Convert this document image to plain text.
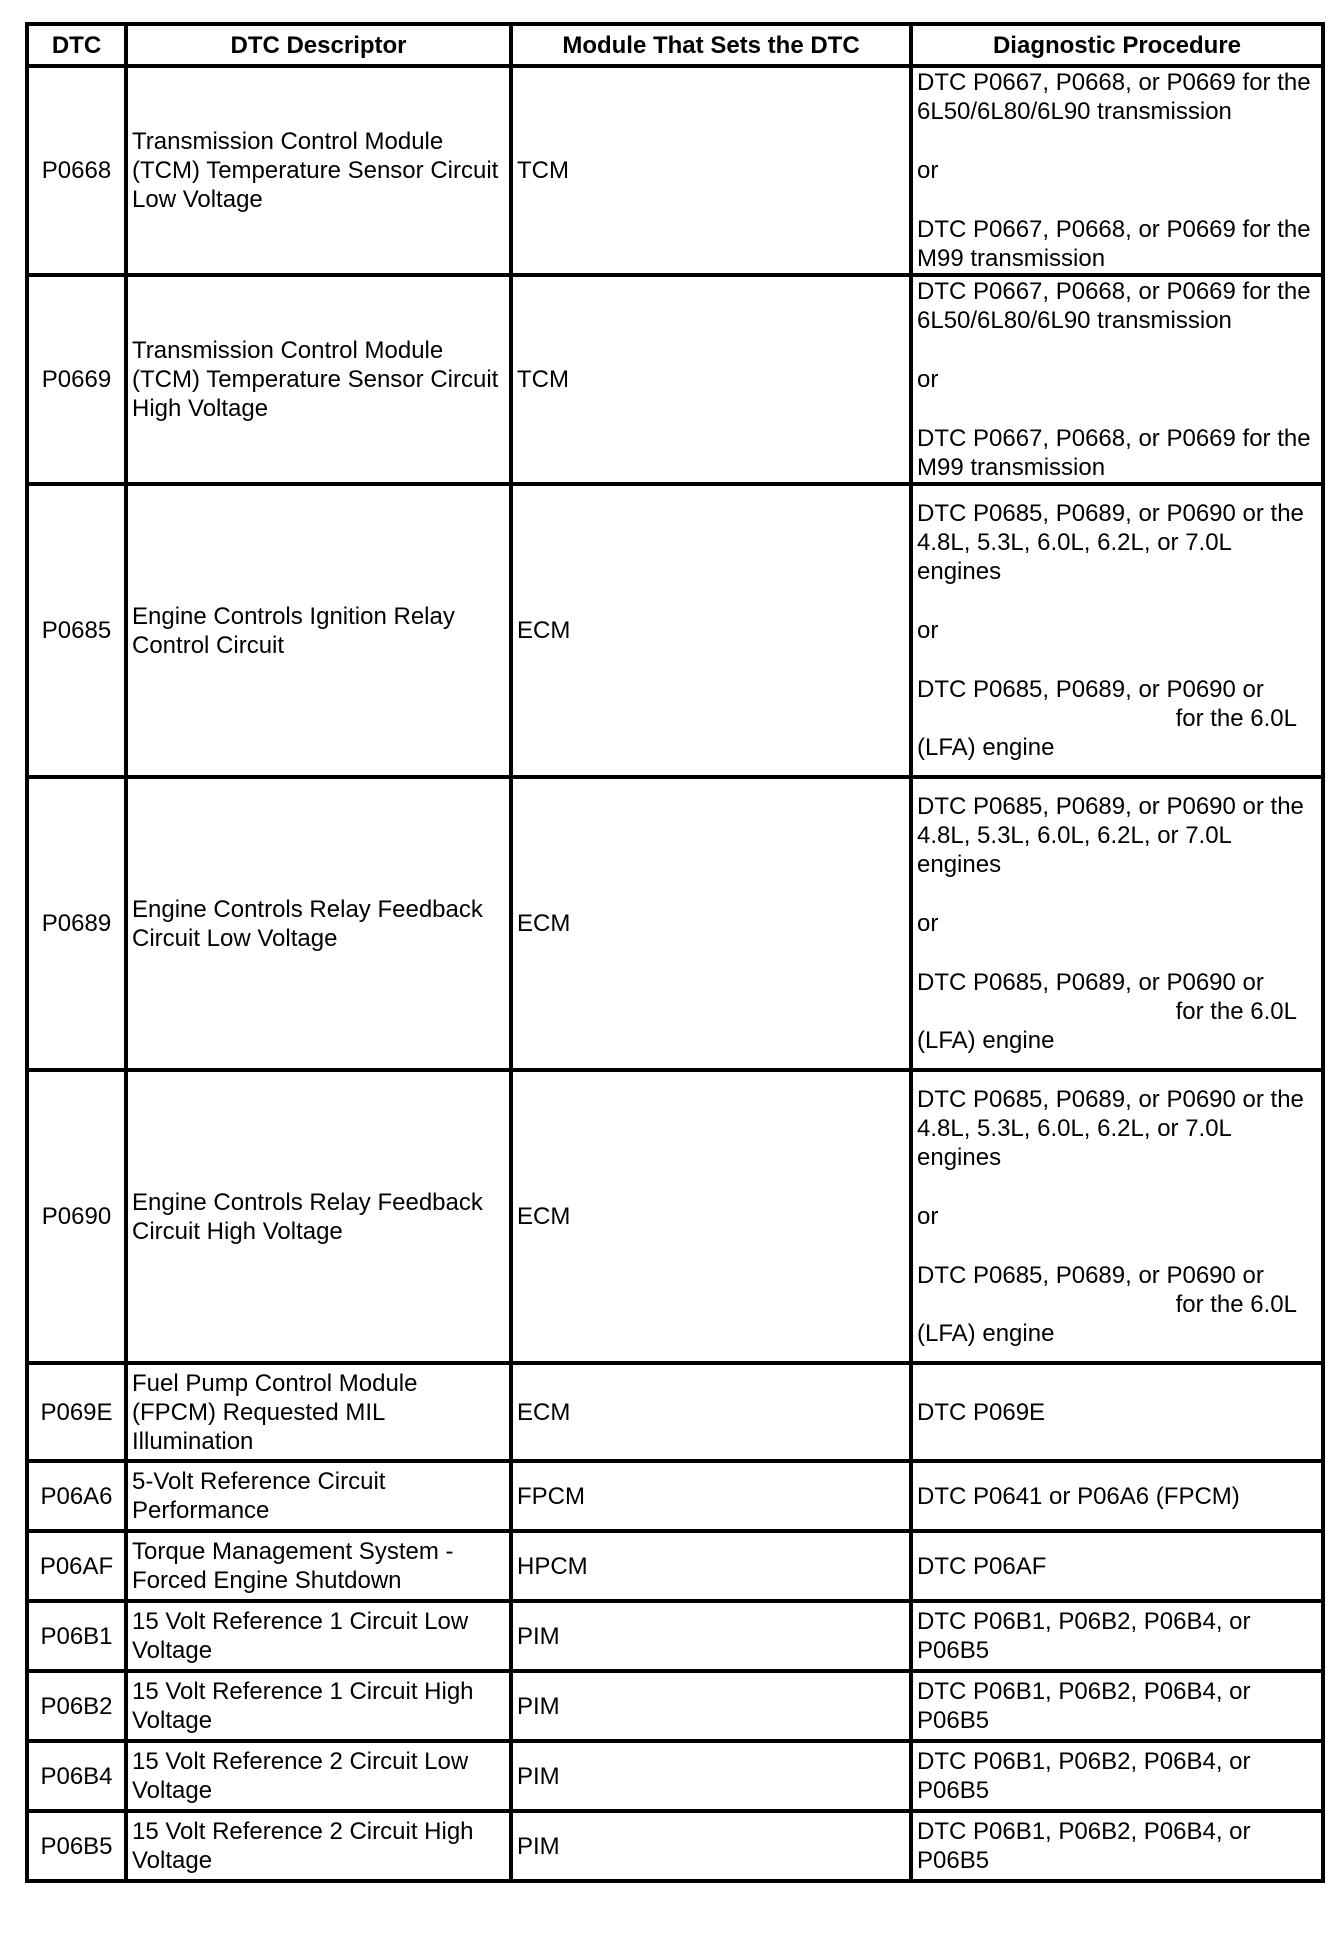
DTC	DTC Descriptor	Module That Sets the DTC	Diagnostic Procedure
P0668	Transmission Control Module (TCM) Temperature Sensor Circuit Low Voltage	TCM	DTC P0667, P0668, or P0669 for the 6L50/6L80/6L90 transmission
or
DTC P0667, P0668, or P0669 for the M99 transmission

P0669	Transmission Control Module (TCM) Temperature Sensor Circuit High Voltage	TCM	DTC P0667, P0668, or P0669 for the 6L50/6L80/6L90 transmission
or
DTC P0667, P0668, or P0669 for the M99 transmission

P0685	Engine Controls Ignition Relay Control Circuit	ECM	DTC P0685, P0689, or P0690 or the 4.8L, 5.3L, 6.0L, 6.2L, or 7.0L engines
or
DTC P0685, P0689, or P0690 or
for the 6.0L
(LFA) engine

P0689	Engine Controls Relay Feedback Circuit Low Voltage	ECM	DTC P0685, P0689, or P0690 or the 4.8L, 5.3L, 6.0L, 6.2L, or 7.0L engines
or
DTC P0685, P0689, or P0690 or
for the 6.0L
(LFA) engine

P0690	Engine Controls Relay Feedback Circuit High Voltage	ECM	DTC P0685, P0689, or P0690 or the 4.8L, 5.3L, 6.0L, 6.2L, or 7.0L engines
or
DTC P0685, P0689, or P0690 or
for the 6.0L
(LFA) engine

P069E	Fuel Pump Control Module (FPCM) Requested MIL Illumination	ECM	DTC P069E
P06A6	5-Volt Reference Circuit Performance	FPCM	DTC P0641 or P06A6 (FPCM)
P06AF	Torque Management System - Forced Engine Shutdown	HPCM	DTC P06AF
P06B1	15 Volt Reference 1 Circuit Low Voltage	PIM	DTC P06B1, P06B2, P06B4, or P06B5
P06B2	15 Volt Reference 1 Circuit High Voltage	PIM	DTC P06B1, P06B2, P06B4, or P06B5
P06B4	15 Volt Reference 2 Circuit Low Voltage	PIM	DTC P06B1, P06B2, P06B4, or P06B5
P06B5	15 Volt Reference 2 Circuit High Voltage	PIM	DTC P06B1, P06B2, P06B4, or P06B5
